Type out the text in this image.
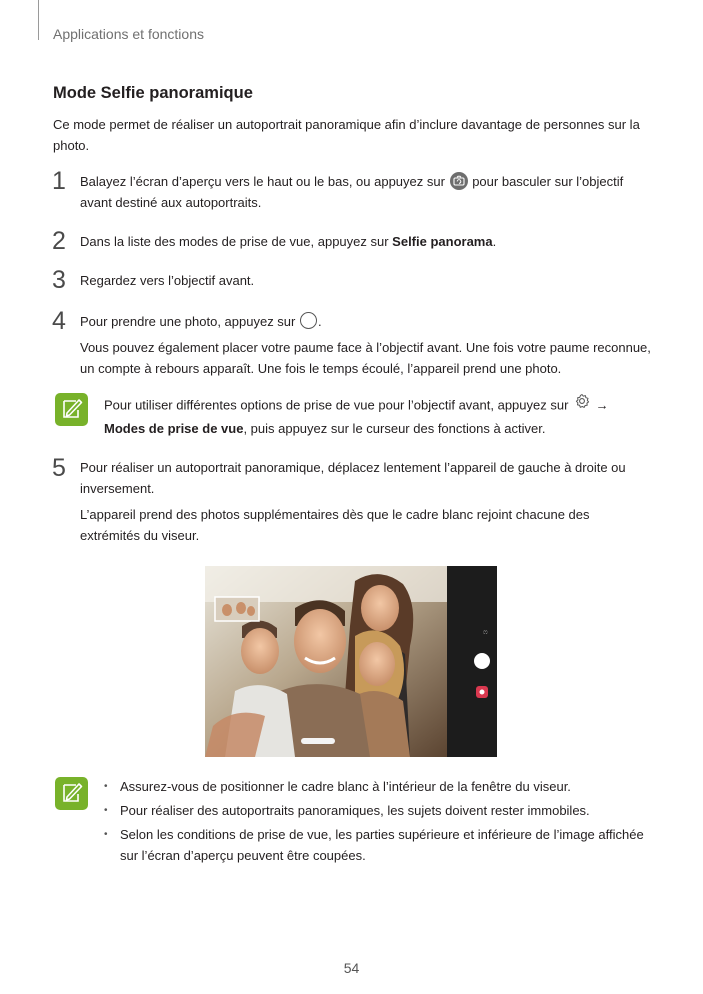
Applications et fonctions
Mode Selfie panoramique
Ce mode permet de réaliser un autoportrait panoramique afin d’inclure davantage de personnes sur la photo.
1 Balayez l’écran d’aperçu vers le haut ou le bas, ou appuyez sur pour basculer sur l’objectif avant destiné aux autoportraits.
2 Dans la liste des modes de prise de vue, appuyez sur Selfie panorama.
3 Regardez vers l’objectif avant.
4 Pour prendre une photo, appuyez sur .
Vous pouvez également placer votre paume face à l’objectif avant. Une fois votre paume reconnue, un compte à rebours apparaît. Une fois le temps écoulé, l’appareil prend une photo.
Pour utiliser différentes options de prise de vue pour l’objectif avant, appuyez sur →
Modes de prise de vue, puis appuyez sur le curseur des fonctions à activer.
5 Pour réaliser un autoportrait panoramique, déplacez lentement l’appareil de gauche à droite ou inversement.
L’appareil prend des photos supplémentaires dès que le cadre blanc rejoint chacune des extrémités du viseur.
ෆ
• Assurez-vous de positionner le cadre blanc à l’intérieur de la fenêtre du viseur.
• Pour réaliser des autoportraits panoramiques, les sujets doivent rester immobiles.
• Selon les conditions de prise de vue, les parties supérieure et inférieure de l’image affichée sur l’écran d’aperçu peuvent être coupées.
54
